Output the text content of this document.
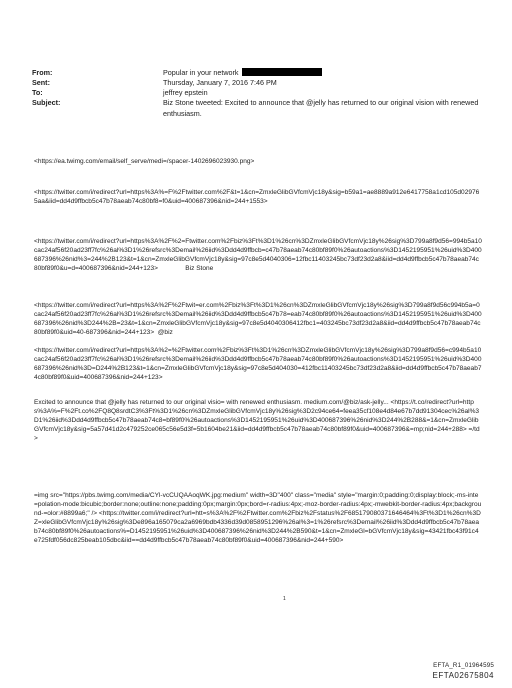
From:	Popular in your network
Sent:	Thursday, January 7, 2016 7:46 PM
To:	jeffrey epstein
Subject:	Biz Stone tweeted: Excited to announce that @jelly has returned to our original vision with renewed enthusiasm.
<https://ea.twimg.com/email/self_serve/medi=/spacer-1402696023930.png>
<https://twitter.com/i/redirect?url=https%3A%=F%2Ftwitter.com%2F&t=1&cn=ZmxleGlibGVfcmVjc18y&sig=b59a1=ae8889a912e6417758a1cd105d029765aa&iid=dd4d9ffbcb5c47b78aeab74c80bf8=f0&uid=400687396&nid=244+1553>
<https://twitter.com/i/redirect?url=https%3A%2F%2=Ftwitter.com%2Fbiz%3Ft%3D1%26cn%3DZmxleGlibGVfcmVjc18y%26sig%3D799a8f9d56=994b5a10cac24af56f20ad23ff7fc%26al%3D1%26refsrc%3Demail%26iid%3Ddd4d9ffbcb=c47b78aeab74c80bf89f0%26autoactions%3D1452195951%26uid%3D400687396%26nid%3=244%2B123&t=1&cn=ZmxleGlibGVfcmVjc18y&sig=97c8e5d4040306=12fbc11403245bc73df23d2a8&iid=dd4d9ffbcb5c47b78aeab74c80bf89f0&u=d=400687396&nid=244+123>	Biz Stone
<https://twitter.com/i/redirect?url=https%3A%2F%2Ftwit=er.com%2Fbiz%3Ft%3D1%26cn%3DZmxleGlibGVfcmVjc18y%26sig%3D799a8f9d56c994b5a=0cac24af56f20ad23ff7fc%26al%3D1%26refsrc%3Demail%26iid%3Ddd4d9ffbcb5c47b78=eab74c80bf89f0%26autoactions%3D1452195951%26uid%3D400687396%26nid%3D244%2B=23&t=1&cn=ZmxleGlibGVfcmVjc18y&sig=97c8e5d4040306412fbc1=403245bc73df23d2a8&iid=dd4d9ffbcb5c47b78aeab74c80bf89f0&uid=40-687396&nid=244+123> @biz
<https://twitter.com/i/redirect?url=https%3A%2=%2Ftwitter.com%2Fbiz%3Ft%3D1%26cn%3DZmxleGlibGVfcmVjc18y%26sig%3D799a8f9d56=c994b5a10cac24af56f20ad23ff7fc%26al%3D1%26refsrc%3Demail%26iid%3Ddd4d9ffbcb5c47b78aeab74c80bf89f0%26autoactions%3D1452195951%26uid%3D400687396%26nid%3D=D244%2B123&t=1&cn=ZmxleGlibGVfcmVjc18y&sig=97c8e5d404030=412fbc11403245bc73df23d2a8&iid=dd4d9ffbcb5c47b78aeab74c80bf89f0&uid=400687396&nid=244+123>
Excited to announce that @jelly has returned to our original visio= with renewed enthusiasm. medium.com/@biz/ask-jelly... <https://t.co/redirect?url=https%3A%=F%2Ft.co%2FQ8Q8srdtC3%3Ft%3D1%26cn%3DZmxleGlibGVfcmVjc18y%26sig%3D2c94ce64=feea35cf108e4d84e67b7dd91304cec%26al%3D1%26iid%3Ddd4d9ffbcb5c47b78aeab74c8=bf89f0%26autoactions%3D1452195951%26uid%3D400687396%26nid%3D244%2B288&=1&cn=ZmxleGlibGVfcmVjc18y&sig=5a57d41d2c479252ce065c56e5d3f=5b1604be21&iid=dd4d9ffbcb5c47b78aeab74c80bf89f0&uid=400687396&=mp;nid=244+288> =/td>
=img src="https://pbs.twimg.com/media/CYl-vcCUQAAoqWK.jpg:medium" width=3D"400" class="media" style="margin:0;padding:0;display:block;-ms-inte=polation-mode:bicubic;border:none;outline:none;padding:0px;margin:0px;bord=r-radius:4px;-moz-border-radius:4px;-mwebkit-border-radius:4px;background-=olor:#8899a6;" /> <https://twitter.com/i/redirect?url=htt=s%3A%2F%2Ftwitter.com%2Fbiz%2Fstatus%2F685179080371646464%3Ft%3D1%26cn%3DZ=xleGlibGVfcmVjc18y%26sig%3De896a165079ca2a6969bdb4336d39d0858951296%26al%3=1%26refsrc%3Demail%26iid%3Ddd4d9ffbcb5c47b78aeab74c80bf89f0%26autoactions%=D1452195951%26uid%3D400687396%26nid%3D244%2B590&t=1&cn=ZmxleGl=bGVfcmVjc18y&sig=43421fbc43f91c4e725fdf056dc825beab105dbc&iid==dd4d9ffbcb5c47b78aeab74c80bf89f0&uid=400687396&nid=244+590>
1
EFTA_R1_01964595
EFTA02675804
